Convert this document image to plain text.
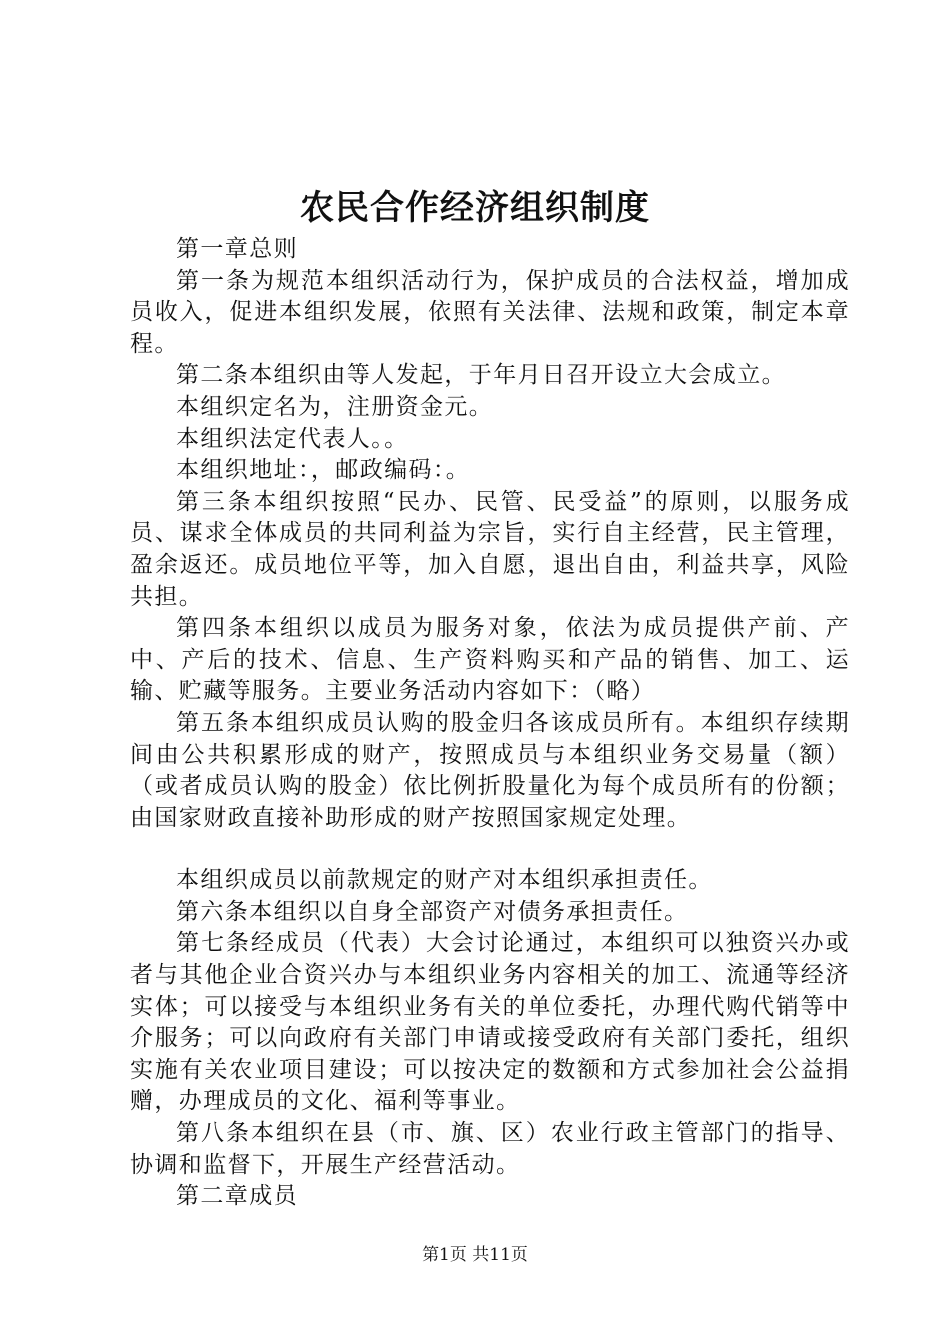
农民合作经济组织制度

第一章总则

第一条为规范本组织活动行为，保护成员的合法权益，增加成员收入，促进本组织发展，依照有关法律、法规和政策，制定本章程。

第二条本组织由等人发起，于年月日召开设立大会成立。

本组织定名为，注册资金元。

本组织法定代表人。。

本组织地址：，邮政编码：。

第三条本组织按照“民办、民管、民受益”的原则，以服务成员、谋求全体成员的共同利益为宗旨，实行自主经营，民主管理，盈余返还。成员地位平等，加入自愿，退出自由，利益共享，风险共担。

第四条本组织以成员为服务对象，依法为成员提供产前、产中、产后的技术、信息、生产资料购买和产品的销售、加工、运输、贮藏等服务。主要业务活动内容如下：（略）

第五条本组织成员认购的股金归各该成员所有。本组织存续期间由公共积累形成的财产，按照成员与本组织业务交易量（额）（或者成员认购的股金）依比例折股量化为每个成员所有的份额；由国家财政直接补助形成的财产按照国家规定处理。

本组织成员以前款规定的财产对本组织承担责任。

第六条本组织以自身全部资产对债务承担责任。

第七条经成员（代表）大会讨论通过，本组织可以独资兴办或者与其他企业合资兴办与本组织业务内容相关的加工、流通等经济实体；可以接受与本组织业务有关的单位委托，办理代购代销等中介服务；可以向政府有关部门申请或接受政府有关部门委托，组织实施有关农业项目建设；可以按决定的数额和方式参加社会公益捐赠，办理成员的文化、福利等事业。

第八条本组织在县（市、旗、区）农业行政主管部门的指导、协调和监督下，开展生产经营活动。

第二章成员

第1页 共11页
